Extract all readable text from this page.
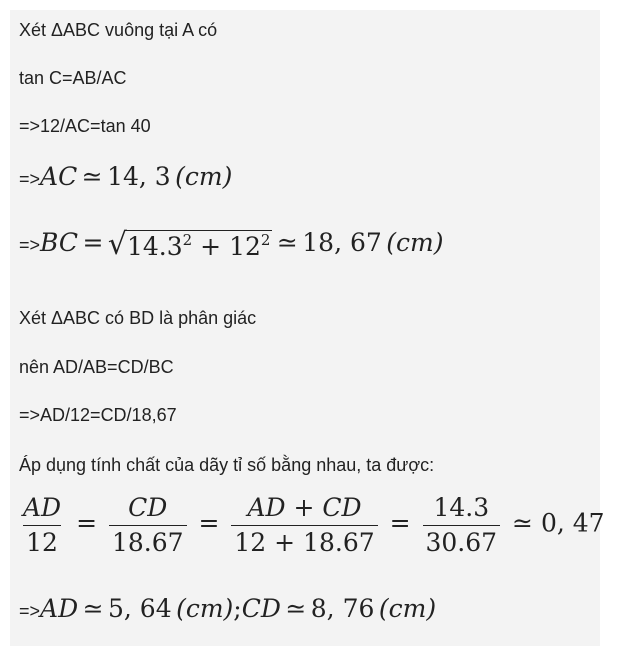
Xét ΔABC vuông tại A có
tan C=AB/AC
=>12/AC=tan 40
=>AC ≃ 14, 3 (cm)
=>BC = √ $14.3^2 + 12^2$ ≃ 18, 67 (cm)
Xét ΔABC có BD là phân giác
nên AD/AB=CD/BC
=>AD/12=CD/18,67
Áp dụng tính chất của dãy tỉ số bằng nhau, ta được:
$\frac{AD}{12} = \frac{CD}{18.67} = \frac{AD + CD}{12 + 18.67} = \frac{14.3}{30.67}$ ≃ 0, 47
=>AD ≃ 5, 64 (cm);CD ≃ 8, 76 (cm)
